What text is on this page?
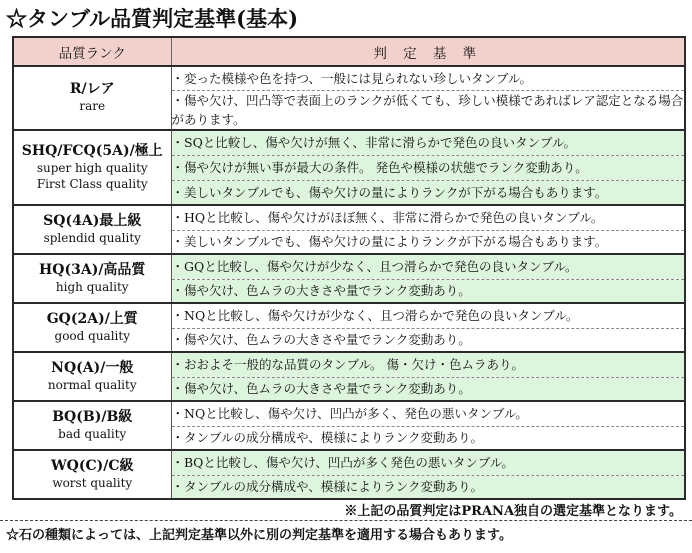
☆タンブル品質判定基準(基本)
品質ランク	判 定 基 準

R/レア
rare	・変った模様や色を持つ、一般には見られない珍しいタンブル。
	・傷や欠け、凹凸等で表面上のランクが低くても、珍しい模様であればレア認定となる場合があります。

SHQ/FCQ(5A)/極上
super high quality
First Class quality	・SQと比較し、傷や欠けが無く、非常に滑らかで発色の良いタンブル。
	・傷や欠けが無い事が最大の条件。 発色や模様の状態でランク変動あり。
	・美しいタンブルでも、傷や欠けの量によりランクが下がる場合もあります。

SQ(4A)最上級
splendid quality	・HQと比較し、傷や欠けがほぼ無く、非常に滑らかで発色の良いタンブル。
	・美しいタンブルでも、傷や欠けの量によりランクが下がる場合もあります。

HQ(3A)/高品質
high quality	・GQと比較し、傷や欠けが少なく、且つ滑らかで発色の良いタンブル。
	・傷や欠け、色ムラの大きさや量でランク変動あり。

GQ(2A)/上質
good quality	・NQと比較し、傷や欠けが少なく、且つ滑らかで発色の良いタンブル。
	・傷や欠け、色ムラの大きさや量でランク変動あり。

NQ(A)/一般
normal quality	・おおよそ一般的な品質のタンブル。 傷・欠け・色ムラあり。
	・傷や欠け、色ムラの大きさや量でランク変動あり。

BQ(B)/B級
bad quality	・NQと比較し、傷や欠け、凹凸が多く、発色の悪いタンブル。
	・タンブルの成分構成や、模様によりランク変動あり。

WQ(C)/C級
worst quality	・BQと比較し、傷や欠け、凹凸が多く発色の悪いタンブル。
	・タンブルの成分構成や、模様によりランク変動あり。
※上記の品質判定はPRANA独自の選定基準となります。
☆石の種類によっては、上記判定基準以外に別の判定基準を適用する場合もあります。
